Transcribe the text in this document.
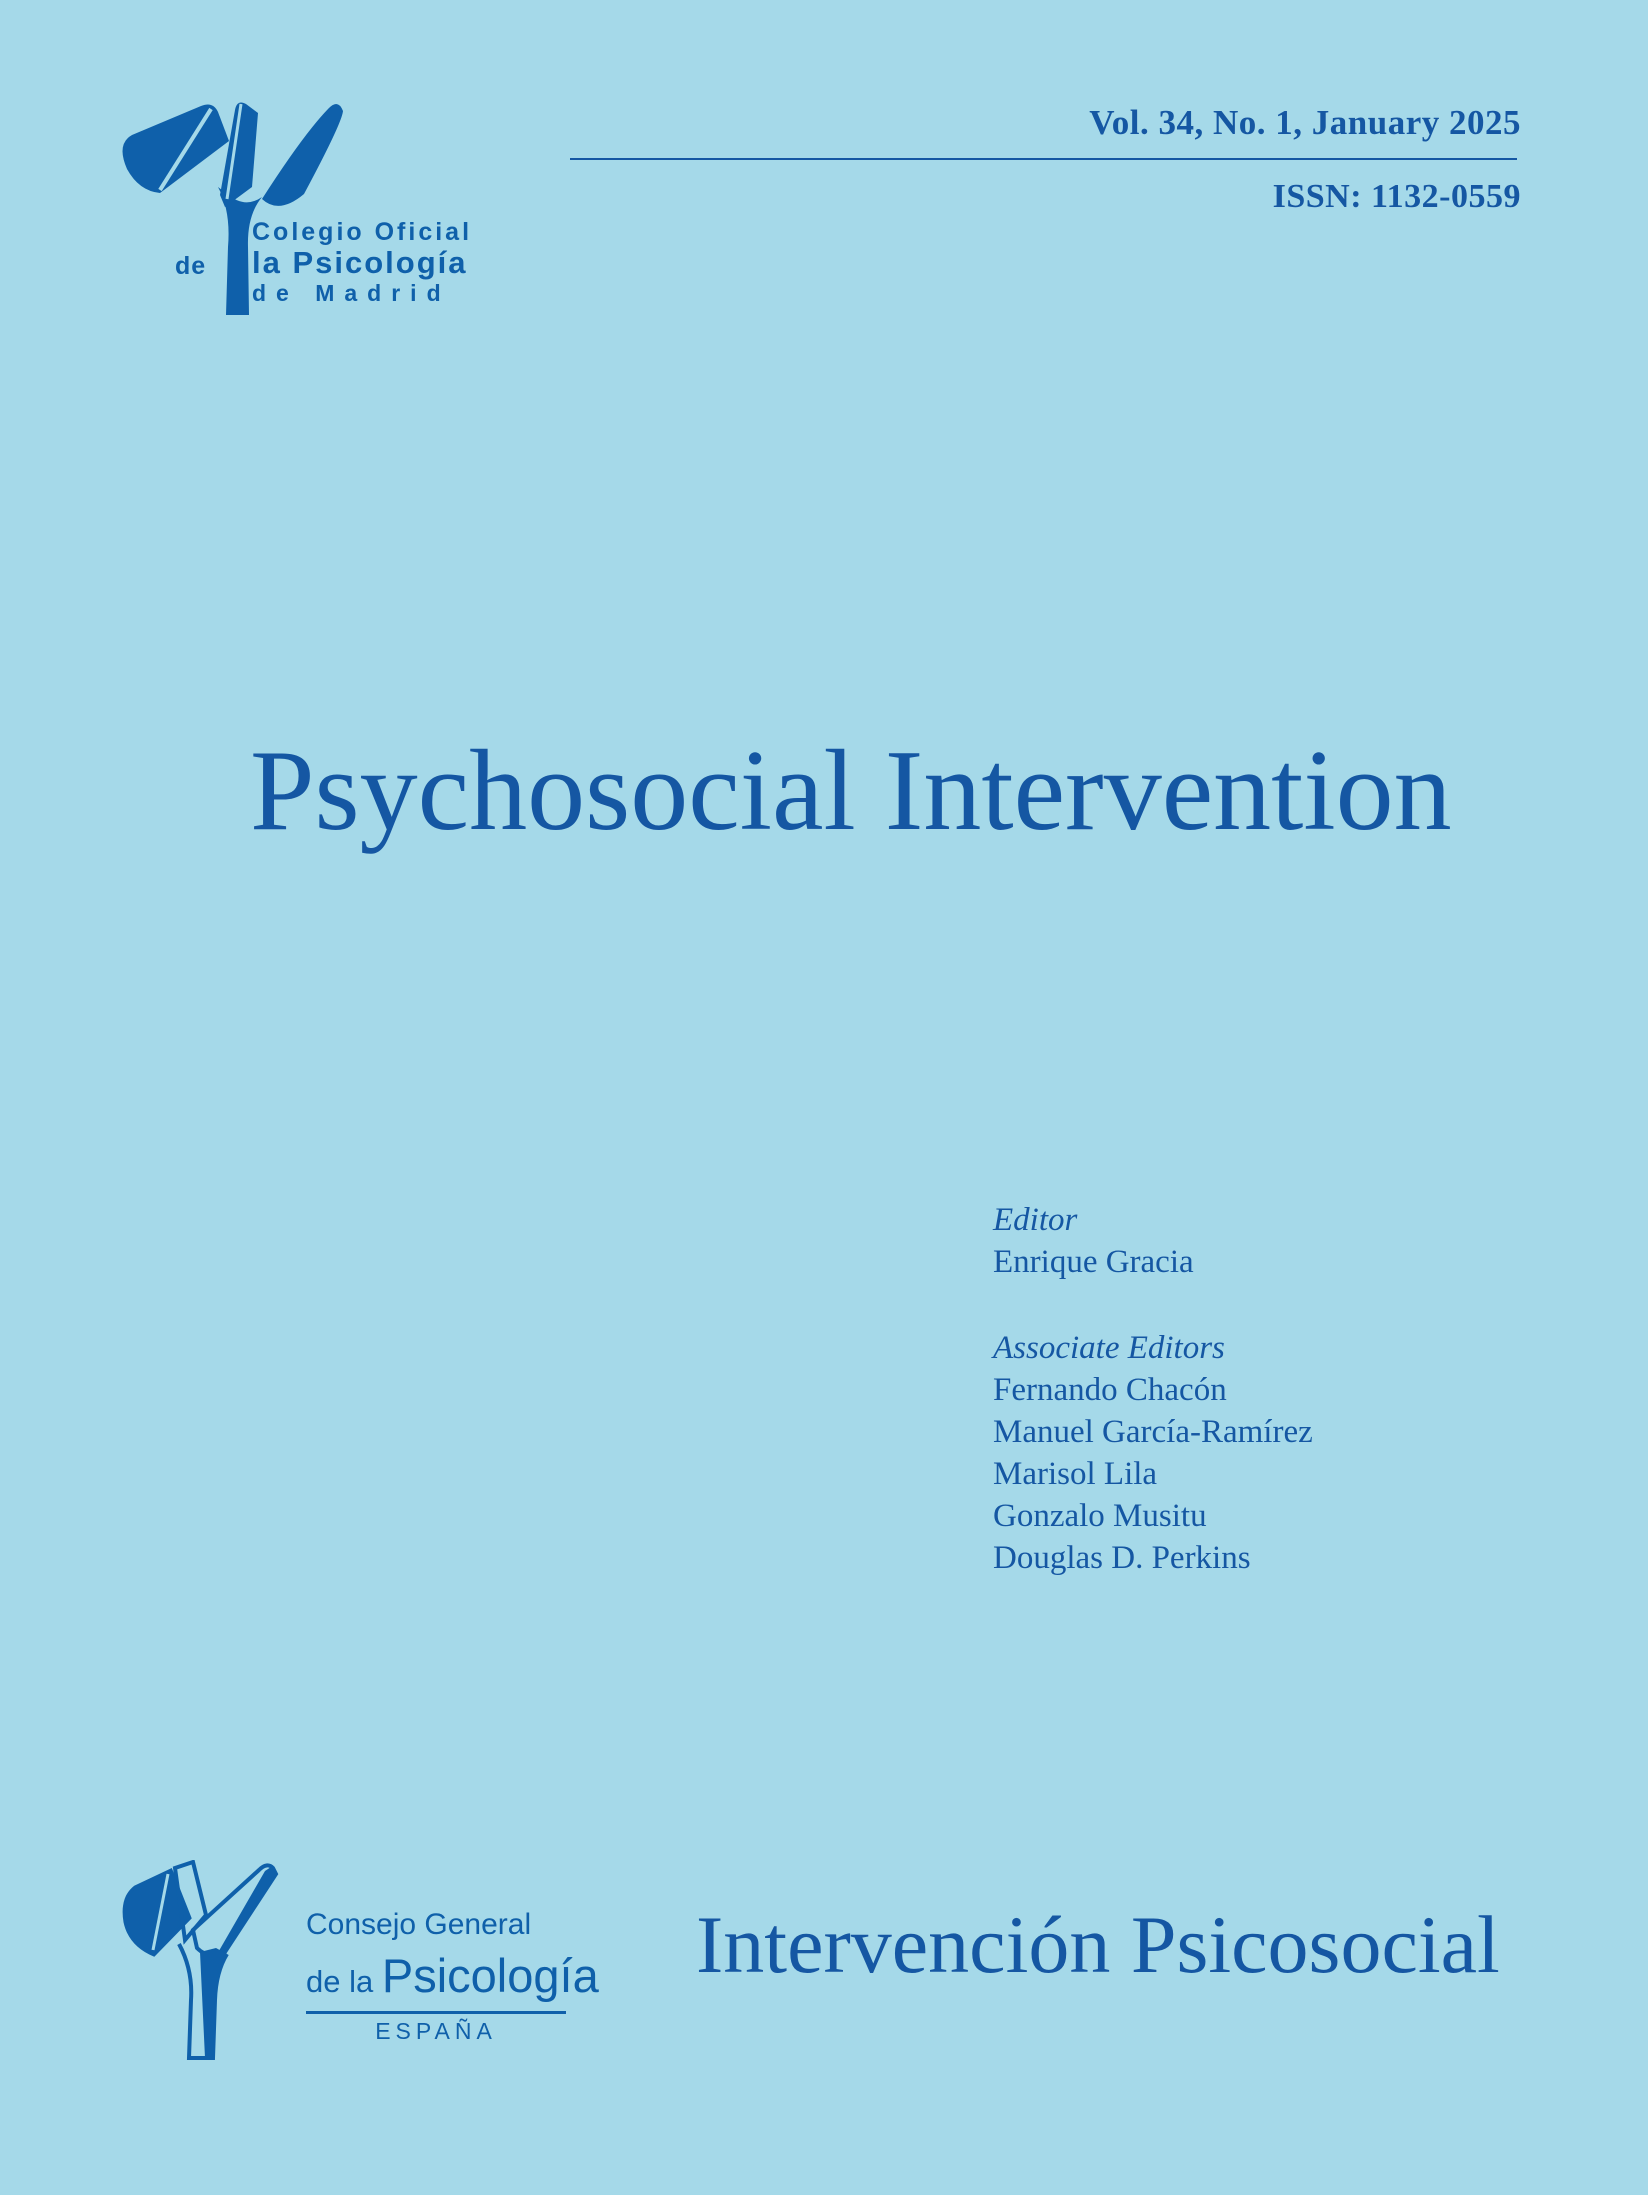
Vol. 34, No. 1, January 2025
ISSN: 1132-0559
Colegio Oficial
de la Psicología
de Madrid
Psychosocial Intervention
Editor
Enrique Gracia
Associate Editors
Fernando Chacón
Manuel García-Ramírez
Marisol Lila
Gonzalo Musitu
Douglas D. Perkins
Consejo General
de la Psicología
ESPAÑA
Intervención Psicosocial
